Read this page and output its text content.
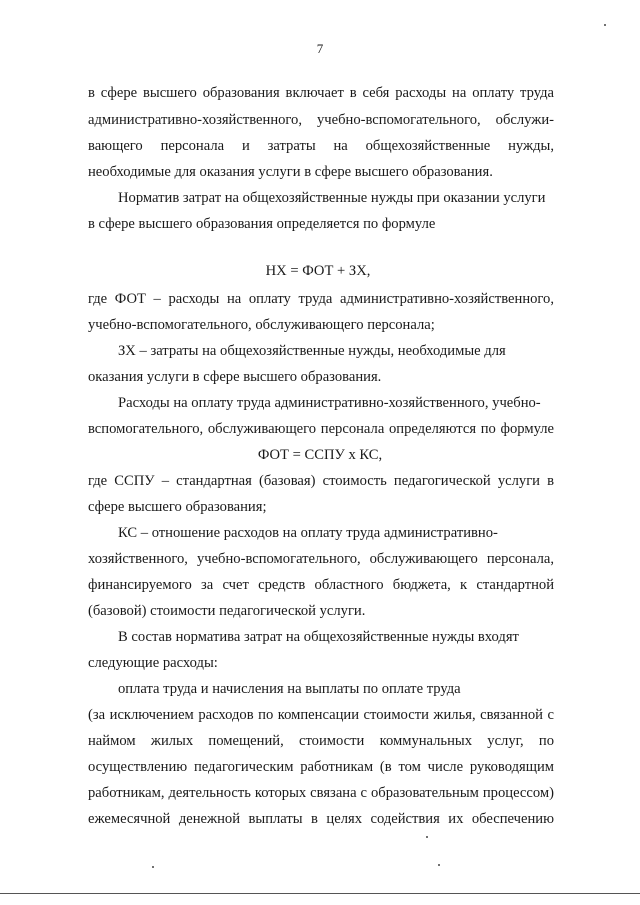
7
в сфере высшего образования включает в себя расходы на оплату труда
административно-хозяйственного, учебно-вспомогательного, обслужи-
вающего персонала и затраты на общехозяйственные нужды,
необходимые для оказания услуги в сфере высшего образования.
Норматив затрат на общехозяйственные нужды при оказании услуги
в сфере высшего образования определяется по формуле
НХ = ФОТ + ЗХ,
где ФОТ – расходы на оплату труда административно-хозяйственного,
учебно-вспомогательного, обслуживающего персонала;
ЗХ – затраты на общехозяйственные нужды, необходимые для
оказания услуги в сфере высшего образования.
Расходы на оплату труда административно-хозяйственного, учебно-
вспомогательного, обслуживающего персонала определяются по формуле
ФОТ = ССПУ х КС,
где ССПУ – стандартная (базовая) стоимость педагогической услуги в
сфере высшего образования;
КС – отношение расходов на оплату труда административно-
хозяйственного, учебно-вспомогательного, обслуживающего персонала,
финансируемого за счет средств областного бюджета, к стандартной
(базовой) стоимости педагогической услуги.
В состав норматива затрат на общехозяйственные нужды входят
следующие расходы:
оплата труда и начисления на выплаты по оплате труда
(за исключением расходов по компенсации стоимости жилья, связанной с
наймом жилых помещений, стоимости коммунальных услуг, по
осуществлению педагогическим работникам (в том числе руководящим
работникам, деятельность которых связана с образовательным процессом)
ежемесячной денежной выплаты в целях содействия их обеспечению
